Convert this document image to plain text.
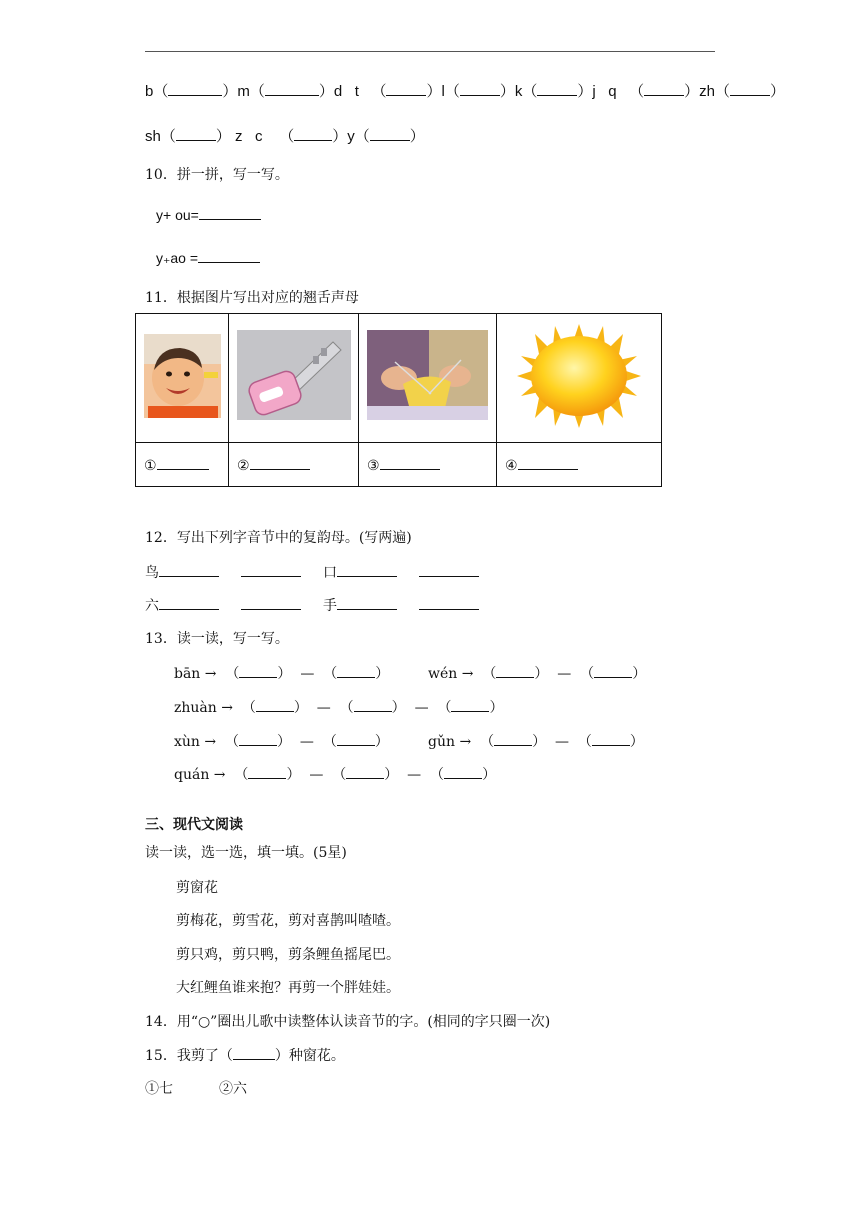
b（	）m（	）d t   （	）l（	）k（	）j q   （	）zh（	）
sh（	） z c    （	）y（	）
10．拼一拼，写一写。
y+ ou=
y₊ao =
11．根据图片写出对应的翘舌声母

①	②	③	④
12．写出下列字音节中的复韵母。(写两遍)
鸟	口
六	手
13．读一读，写一写。
bān →  （	）  —  （	）	wén →  （	）  —  （	）
zhuàn →  （	）  —  （	）  —  （	）
xùn →  （	）  —  （	）	gǔn →  （	）  —  （	）
quán →  （	）  —  （	）  —  （	）
三、现代文阅读
读一读，选一选，填一填。(5星)
剪窗花
剪梅花，剪雪花，剪对喜鹊叫喳喳。
剪只鸡，剪只鸭，剪条鲤鱼摇尾巴。
大红鲤鱼谁来抱？再剪一个胖娃娃。
14．用“○”圈出儿歌中读整体认读音节的字。(相同的字只圈一次)
15．我剪了（	）种窗花。
①七	②六
